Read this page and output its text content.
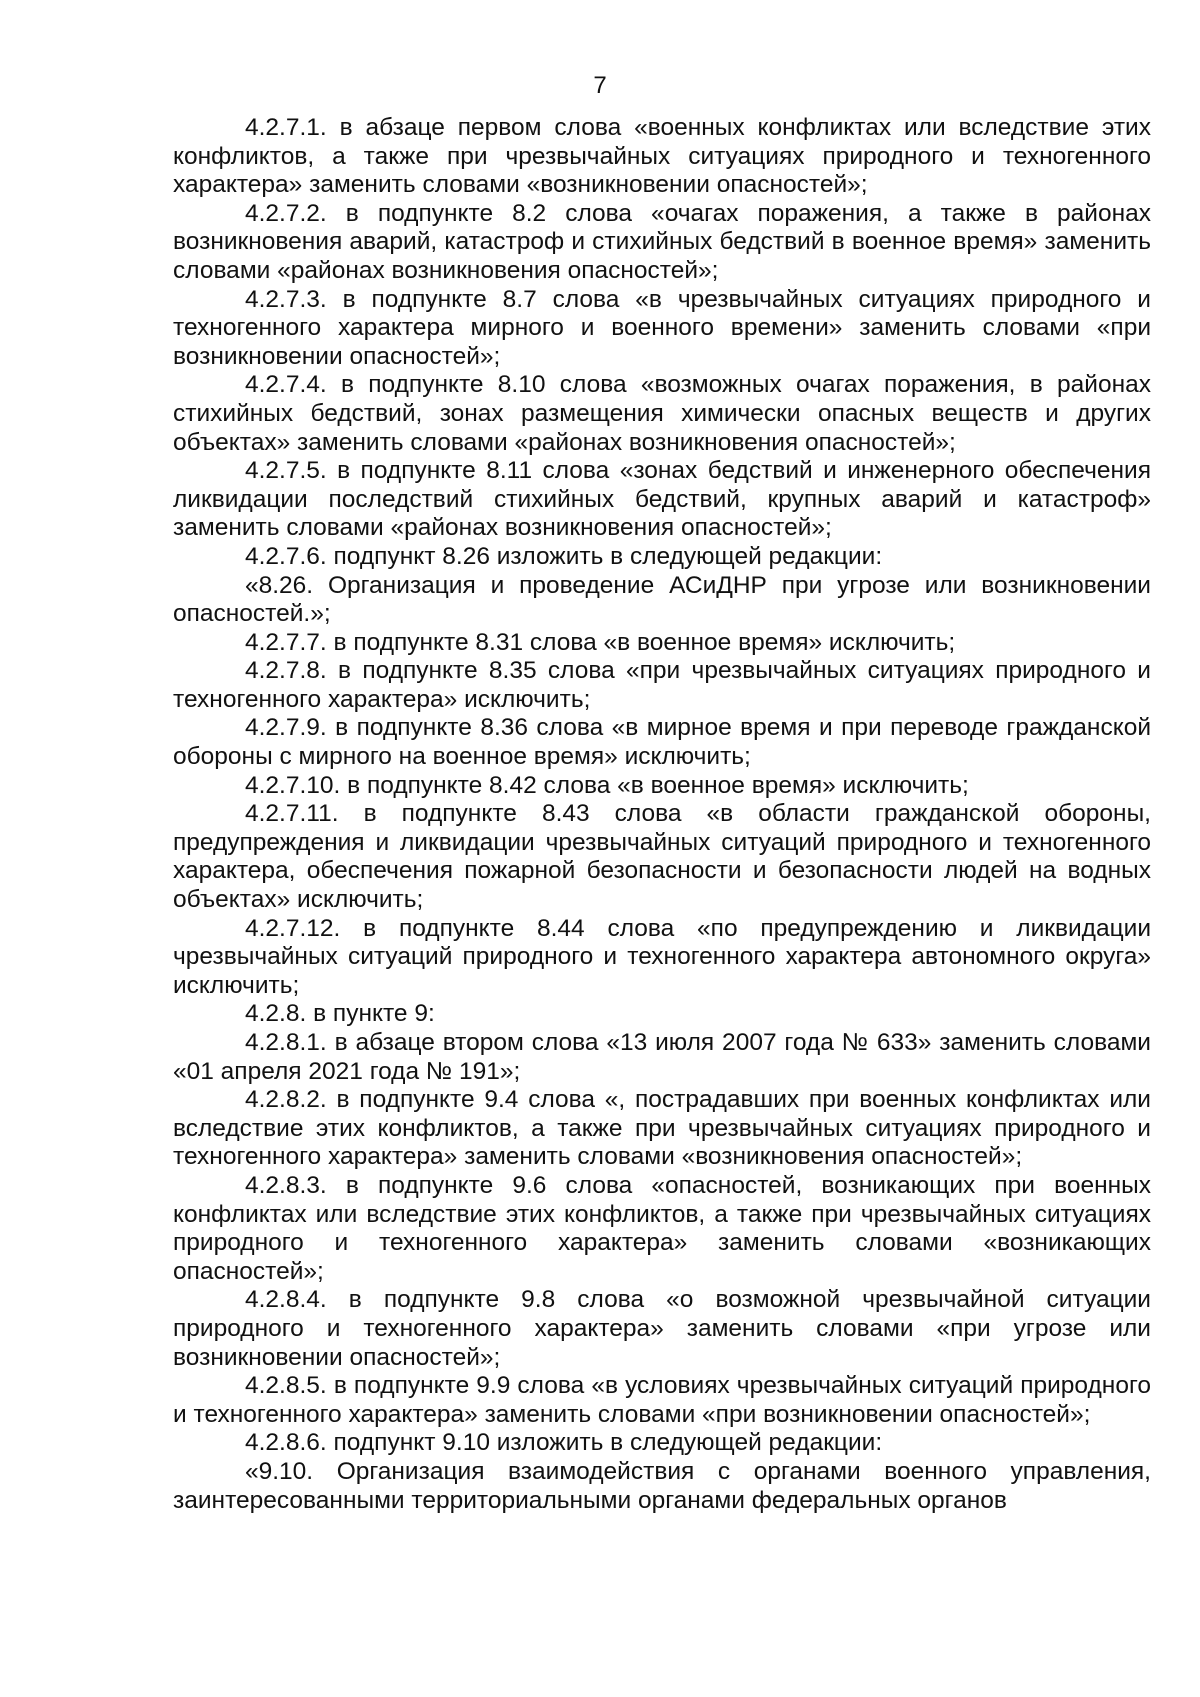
7

4.2.7.1. в абзаце первом слова «военных конфликтах или вследствие этих конфликтов, а также при чрезвычайных ситуациях природного и техногенного характера» заменить словами «возникновении опасностей»;

4.2.7.2. в подпункте 8.2 слова «очагах поражения, а также в районах возникновения аварий, катастроф и стихийных бедствий в военное время» заменить словами «районах возникновения опасностей»;

4.2.7.3. в подпункте 8.7 слова «в чрезвычайных ситуациях природного и техногенного характера мирного и военного времени» заменить словами «при возникновении опасностей»;

4.2.7.4. в подпункте 8.10 слова «возможных очагах поражения, в районах стихийных бедствий, зонах размещения химически опасных веществ и других объектах» заменить словами «районах возникновения опасностей»;

4.2.7.5. в подпункте 8.11 слова «зонах бедствий и инженерного обеспечения ликвидации последствий стихийных бедствий, крупных аварий и катастроф» заменить словами «районах возникновения опасностей»;

4.2.7.6. подпункт 8.26 изложить в следующей редакции:

«8.26. Организация и проведение АСиДНР при угрозе или возникновении опасностей.»;

4.2.7.7. в подпункте 8.31 слова «в военное время» исключить;

4.2.7.8. в подпункте 8.35 слова «при чрезвычайных ситуациях природного и техногенного характера» исключить;

4.2.7.9. в подпункте 8.36 слова «в мирное время и при переводе гражданской обороны с мирного на военное время» исключить;

4.2.7.10. в подпункте 8.42 слова «в военное время» исключить;

4.2.7.11. в подпункте 8.43 слова «в области гражданской обороны, предупреждения и ликвидации чрезвычайных ситуаций природного и техногенного характера, обеспечения пожарной безопасности и безопасности людей на водных объектах» исключить;

4.2.7.12. в подпункте 8.44 слова «по предупреждению и ликвидации чрезвычайных ситуаций природного и техногенного характера автономного округа» исключить;

4.2.8. в пункте 9:

4.2.8.1. в абзаце втором слова «13 июля 2007 года № 633» заменить словами «01 апреля 2021 года № 191»;

4.2.8.2. в подпункте 9.4 слова «, пострадавших при военных конфликтах или вследствие этих конфликтов, а также при чрезвычайных ситуациях природного и техногенного характера» заменить словами «возникновения опасностей»;

4.2.8.3. в подпункте 9.6 слова «опасностей, возникающих при военных конфликтах или вследствие этих конфликтов, а также при чрезвычайных ситуациях природного и техногенного характера» заменить словами «возникающих опасностей»;

4.2.8.4. в подпункте 9.8 слова «о возможной чрезвычайной ситуации природного и техногенного характера» заменить словами «при угрозе или возникновении опасностей»;

4.2.8.5. в подпункте 9.9 слова «в условиях чрезвычайных ситуаций природного и техногенного характера» заменить словами «при возникновении опасностей»;

4.2.8.6. подпункт 9.10 изложить в следующей редакции:

«9.10. Организация взаимодействия с органами военного управления, заинтересованными территориальными органами федеральных органов
